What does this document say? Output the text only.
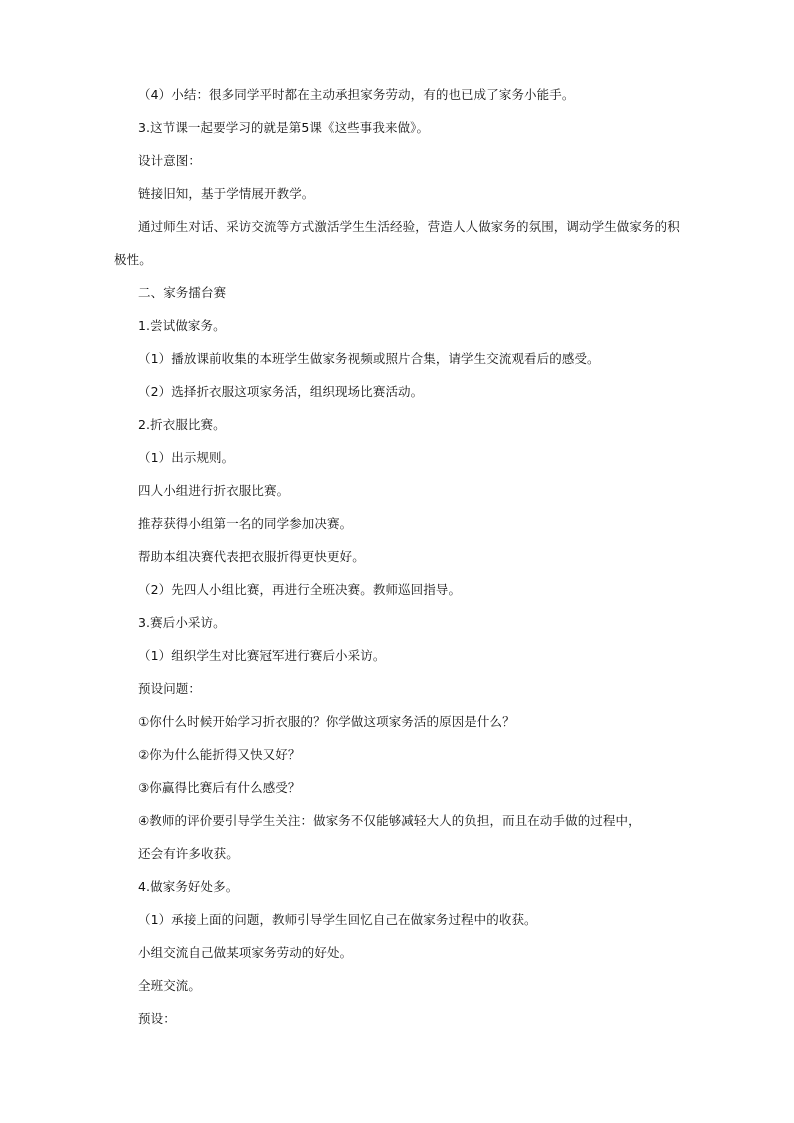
（4）小结：很多同学平时都在主动承担家务劳动，有的也已成了家务小能手。
3.这节课一起要学习的就是第5课《这些事我来做》。
设计意图：
链接旧知，基于学情展开教学。
通过师生对话、采访交流等方式激活学生生活经验，营造人人做家务的氛围，调动学生做家务的积
极性。
二、家务擂台赛
1.尝试做家务。
（1）播放课前收集的本班学生做家务视频或照片合集，请学生交流观看后的感受。
（2）选择折衣服这项家务活，组织现场比赛活动。
2.折衣服比赛。
（1）出示规则。
四人小组进行折衣服比赛。
推荐获得小组第一名的同学参加决赛。
帮助本组决赛代表把衣服折得更快更好。
（2）先四人小组比赛，再进行全班决赛。教师巡回指导。
3.赛后小采访。
（1）组织学生对比赛冠军进行赛后小采访。
预设问题：
①你什么时候开始学习折衣服的？你学做这项家务活的原因是什么？
②你为什么能折得又快又好？
③你赢得比赛后有什么感受？
④教师的评价要引导学生关注：做家务不仅能够减轻大人的负担，而且在动手做的过程中，
还会有许多收获。
4.做家务好处多。
（1）承接上面的问题，教师引导学生回忆自己在做家务过程中的收获。
小组交流自己做某项家务劳动的好处。
全班交流。
预设：
